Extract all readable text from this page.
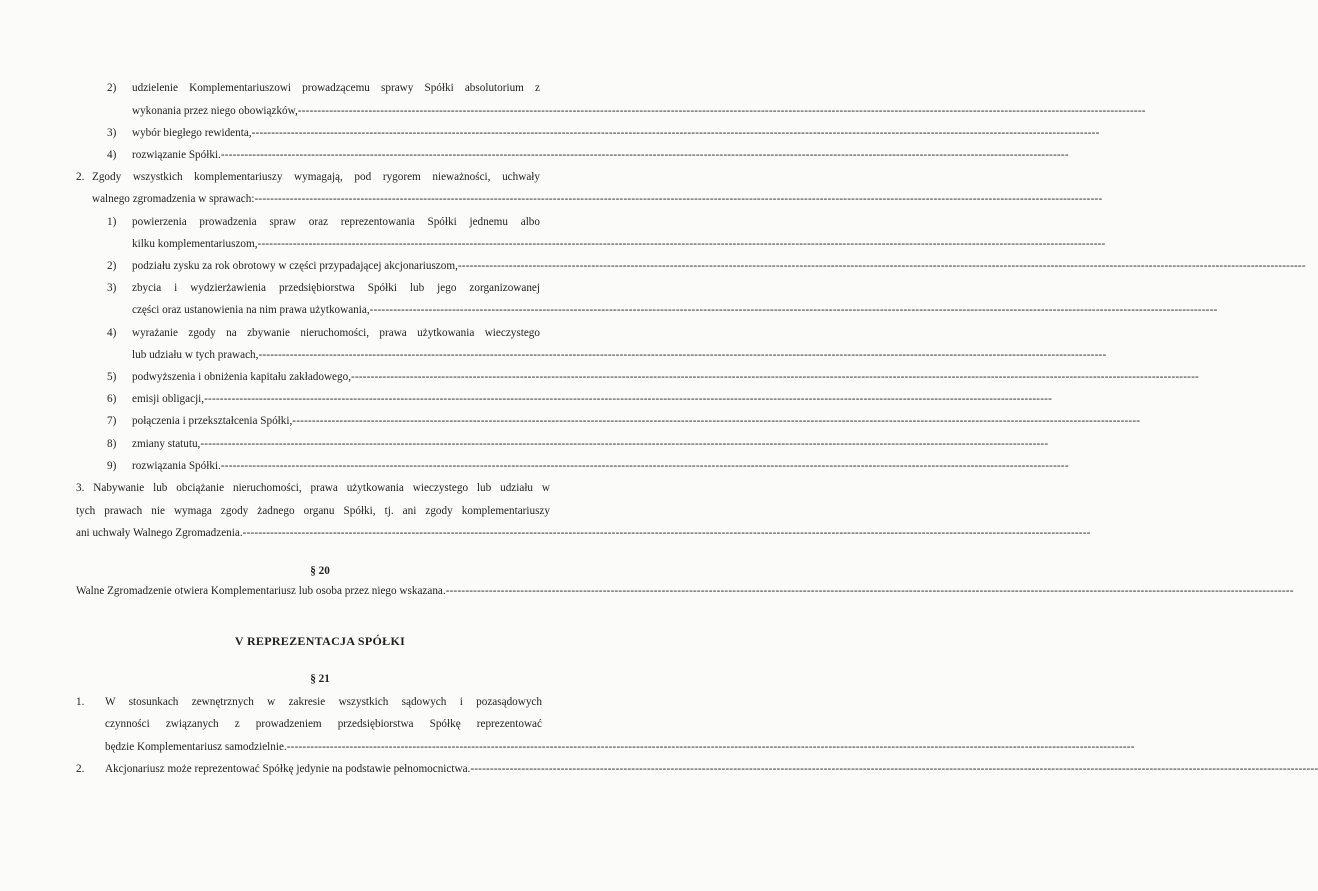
2) udzielenie Komplementariuszowi prowadzącemu sprawy Spółki absolutorium z
wykonania przez niego obowiązków, ------------------------------------------------------------------------------------------------------------------------------------------------------------------------------------------------------------------------
3) wybór biegłego rewidenta, ------------------------------------------------------------------------------------------------------------------------------------------------------------------------------------------------------------------------
4) rozwiązanie Spółki. ------------------------------------------------------------------------------------------------------------------------------------------------------------------------------------------------------------------------
2. Zgody wszystkich komplementariuszy wymagają, pod rygorem nieważności, uchwały
walnego zgromadzenia w sprawach: ------------------------------------------------------------------------------------------------------------------------------------------------------------------------------------------------------------------------
1) powierzenia prowadzenia spraw oraz reprezentowania Spółki jednemu albo
kilku komplementariuszom, ------------------------------------------------------------------------------------------------------------------------------------------------------------------------------------------------------------------------
2) podziału zysku za rok obrotowy w części przypadającej akcjonariuszom, ------------------------------------------------------------------------------------------------------------------------------------------------------------------------------------------------------------------------
3) zbycia i wydzierżawienia przedsiębiorstwa Spółki lub jego zorganizowanej
części oraz ustanowienia na nim prawa użytkowania, ------------------------------------------------------------------------------------------------------------------------------------------------------------------------------------------------------------------------
4) wyrażanie zgody na zbywanie nieruchomości, prawa użytkowania wieczystego
lub udziału w tych prawach, ------------------------------------------------------------------------------------------------------------------------------------------------------------------------------------------------------------------------
5) podwyższenia i obniżenia kapitału zakładowego, ------------------------------------------------------------------------------------------------------------------------------------------------------------------------------------------------------------------------
6) emisji obligacji, ------------------------------------------------------------------------------------------------------------------------------------------------------------------------------------------------------------------------
7) połączenia i przekształcenia Spółki, ------------------------------------------------------------------------------------------------------------------------------------------------------------------------------------------------------------------------
8) zmiany statutu, ------------------------------------------------------------------------------------------------------------------------------------------------------------------------------------------------------------------------
9) rozwiązania Spółki. ------------------------------------------------------------------------------------------------------------------------------------------------------------------------------------------------------------------------
3. Nabywanie lub obciążanie nieruchomości, prawa użytkowania wieczystego lub udziału w
tych prawach nie wymaga zgody żadnego organu Spółki, tj. ani zgody komplementariuszy
ani uchwały Walnego Zgromadzenia. ------------------------------------------------------------------------------------------------------------------------------------------------------------------------------------------------------------------------
§ 20
Walne Zgromadzenie otwiera Komplementariusz lub osoba przez niego wskazana. ------------------------------------------------------------------------------------------------------------------------------------------------------------------------------------------------------------------------
V REPREZENTACJA SPÓŁKI
§ 21
1. W stosunkach zewnętrznych w zakresie wszystkich sądowych i pozasądowych
czynności związanych z prowadzeniem przedsiębiorstwa Spółkę reprezentować
będzie Komplementariusz samodzielnie. ------------------------------------------------------------------------------------------------------------------------------------------------------------------------------------------------------------------------
2. Akcjonariusz może reprezentować Spółkę jedynie na podstawie pełnomocnictwa. ------------------------------------------------------------------------------------------------------------------------------------------------------------------------------------------------------------------------
